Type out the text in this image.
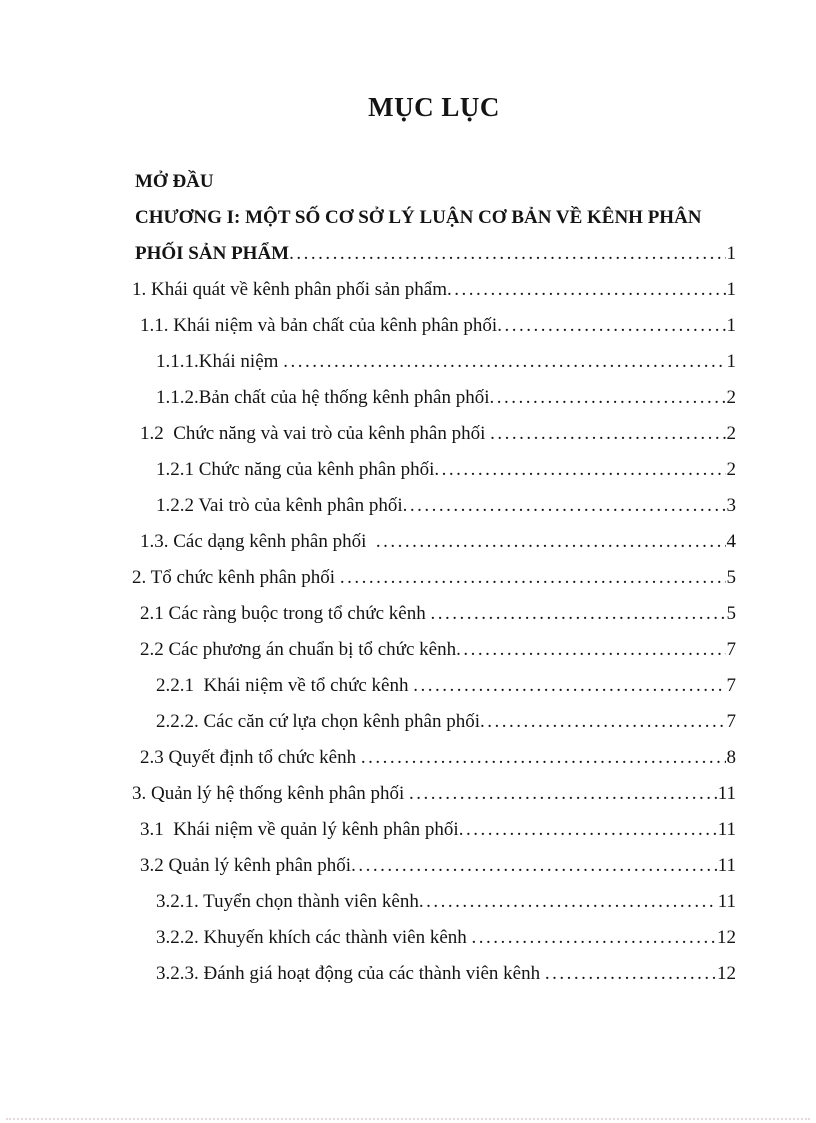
MỤC LỤC
MỞ ĐẦU
CHƯƠNG I: MỘT SỐ CƠ SỞ LÝ LUẬN CƠ BẢN VỀ KÊNH PHÂN
PHỐI SẢN PHẨM .....	1
1. Khái quát về kênh phân phối sản phẩm .....	1
1.1. Khái niệm và bản chất của kênh phân phối .....	1
1.1.1.Khái niệm .....	1
1.1.2.Bản chất của hệ thống kênh phân phối .....	2
1.2  Chức năng và vai trò của kênh phân phối .....	2
1.2.1 Chức năng của kênh phân phối .....	2
1.2.2 Vai trò của kênh phân phối .....	3
1.3. Các dạng kênh phân phối .....	4
2. Tổ chức kênh phân phối .....	5
2.1 Các ràng buộc trong tổ chức kênh .....	5
2.2 Các phương án chuẩn bị tổ chức kênh .....	7
2.2.1  Khái niệm về tổ chức kênh .....	7
2.2.2. Các căn cứ lựa chọn kênh phân phối .....	7
2.3 Quyết định tổ chức kênh .....	8
3. Quản lý hệ thống kênh phân phối .....	11
3.1  Khái niệm về quản lý kênh phân phối .....	11
3.2 Quản lý kênh phân phối .....	11
3.2.1. Tuyển chọn thành viên kênh .....	11
3.2.2. Khuyến khích các thành viên kênh .....	12
3.2.3. Đánh giá hoạt động của các thành viên kênh .....	12
